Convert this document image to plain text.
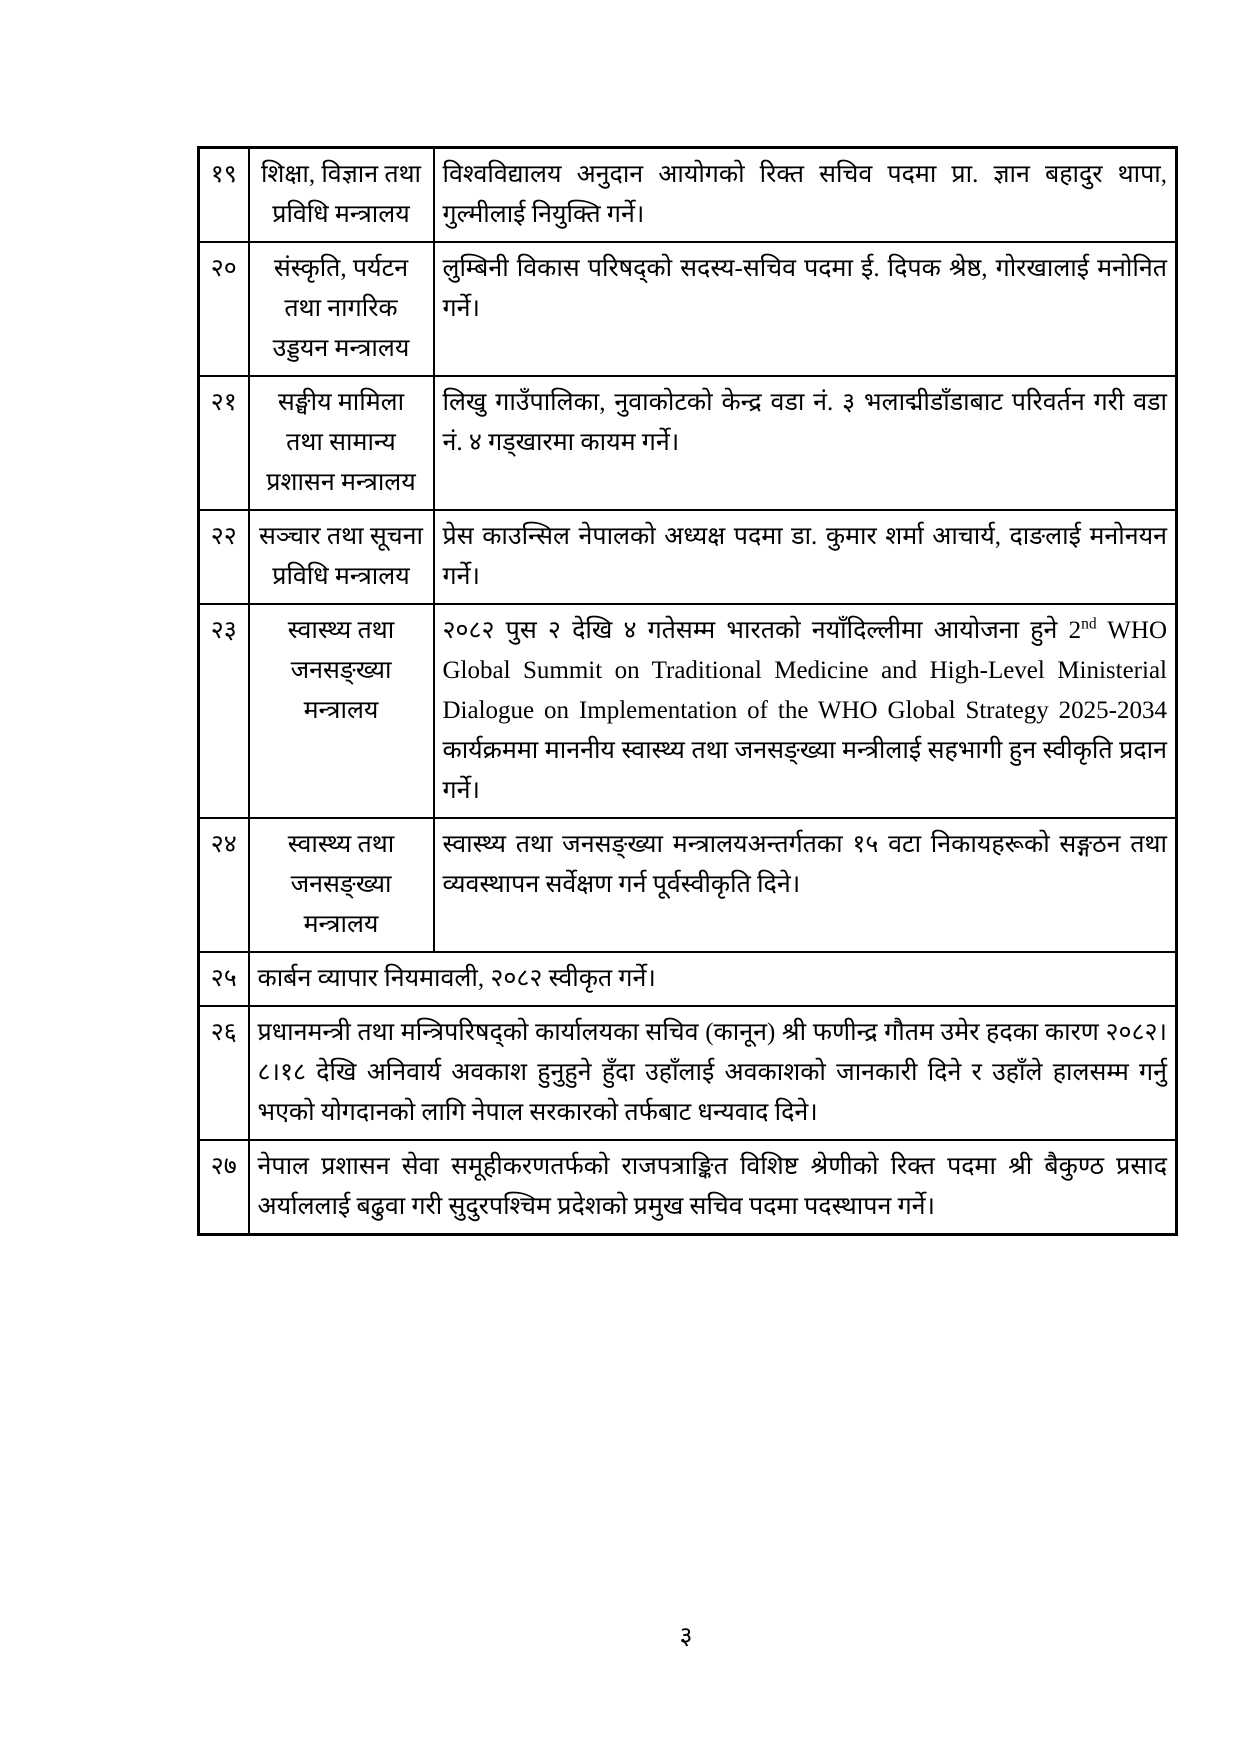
१९	शिक्षा, विज्ञान तथा प्रविधि मन्त्रालय	विश्वविद्यालय अनुदान आयोगको रिक्त सचिव पदमा प्रा. ज्ञान बहादुर थापा, गुल्मीलाई नियुक्ति गर्ने।
२०	संस्कृति, पर्यटन तथा नागरिक उड्डयन मन्त्रालय	लुम्बिनी विकास परिषद्को सदस्य-सचिव पदमा ई. दिपक श्रेष्ठ, गोरखालाई मनोनित गर्ने।
२१	सङ्घीय मामिला तथा सामान्य प्रशासन मन्त्रालय	लिखु गाउँपालिका, नुवाकोटको केन्द्र वडा नं. ३ भलाद्मीडाँडाबाट परिवर्तन गरी वडा नं. ४ गड्खारमा कायम गर्ने।
२२	सञ्चार तथा सूचना प्रविधि मन्त्रालय	प्रेस काउन्सिल नेपालको अध्यक्ष पदमा डा. कुमार शर्मा आचार्य, दाङलाई मनोनयन गर्ने।
२३	स्वास्थ्य तथा जनसङ्ख्या मन्त्रालय	२०८२ पुस २ देखि ४ गतेसम्म भारतको नयाँदिल्लीमा आयोजना हुने 2nd WHO Global Summit on Traditional Medicine and High-Level Ministerial Dialogue on Implementation of the WHO Global Strategy 2025-2034 कार्यक्रममा माननीय स्वास्थ्य तथा जनसङ्ख्या मन्त्रीलाई सहभागी हुन स्वीकृति प्रदान गर्ने।
२४	स्वास्थ्य तथा जनसङ्ख्या मन्त्रालय	स्वास्थ्य तथा जनसङ्ख्या मन्त्रालयअन्तर्गतका १५ वटा निकायहरूको सङ्गठन तथा व्यवस्थापन सर्वेक्षण गर्न पूर्वस्वीकृति दिने।
२५	कार्बन व्यापार नियमावली, २०८२ स्वीकृत गर्ने।	
२६	प्रधानमन्त्री तथा मन्त्रिपरिषद्को कार्यालयका सचिव (कानून) श्री फणीन्द्र गौतम उमेर हदका कारण २०८२।८।१८ देखि अनिवार्य अवकाश हुनुहुने हुँदा उहाँलाई अवकाशको जानकारी दिने र उहाँले हालसम्म गर्नु भएको योगदानको लागि नेपाल सरकारको तर्फबाट धन्यवाद दिने।	
२७	नेपाल प्रशासन सेवा समूहीकरणतर्फको राजपत्राङ्कित विशिष्ट श्रेणीको रिक्त पदमा श्री बैकुण्ठ प्रसाद अर्याललाई बढुवा गरी सुदुरपश्चिम प्रदेशको प्रमुख सचिव पदमा पदस्थापन गर्ने।	
३
